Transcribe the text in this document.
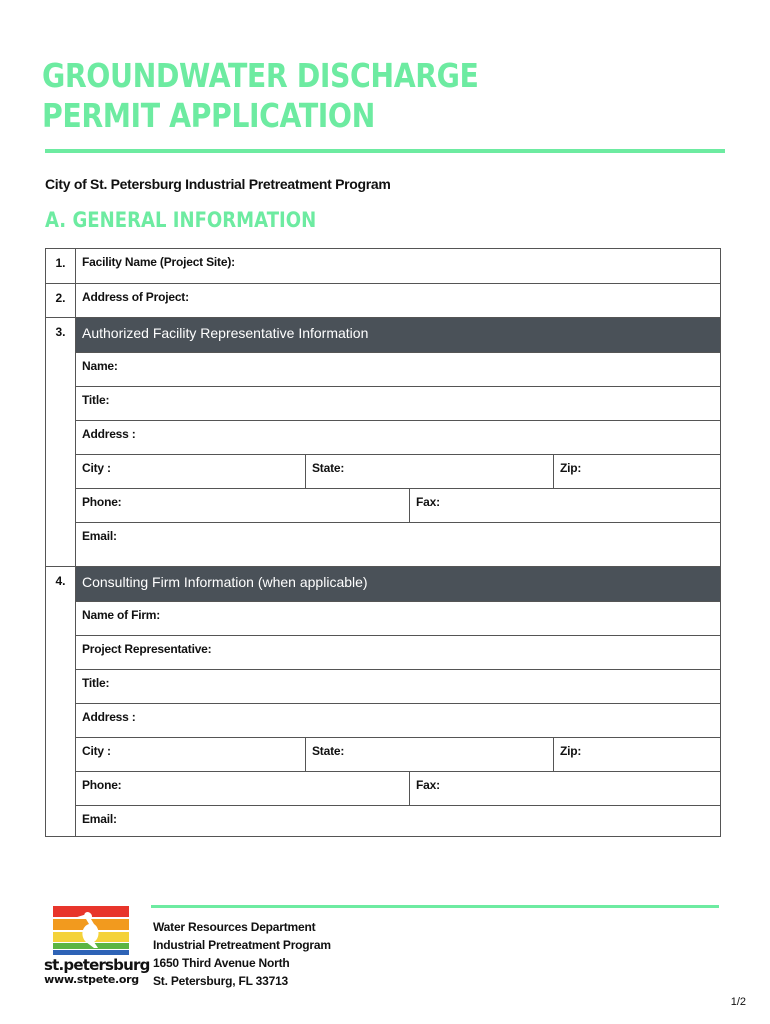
GROUNDWATER DISCHARGE
PERMIT APPLICATION
City of St. Petersburg Industrial Pretreatment Program
A. GENERAL INFORMATION
1.	Facility Name (Project Site):
2.	Address of Project:
3.	Authorized Facility Representative Information
Name:
Title:
Address :
City :	State:	Zip:
Phone:	Fax:
Email:
4.	Consulting Firm Information (when applicable)
Name of Firm:
Project Representative:
Title:
Address :
City :	State:	Zip:
Phone:	Fax:
Email:
st.petersburg
www.stpete.org
Water Resources Department
Industrial Pretreatment Program
1650 Third Avenue North
St. Petersburg, FL 33713
1/2
